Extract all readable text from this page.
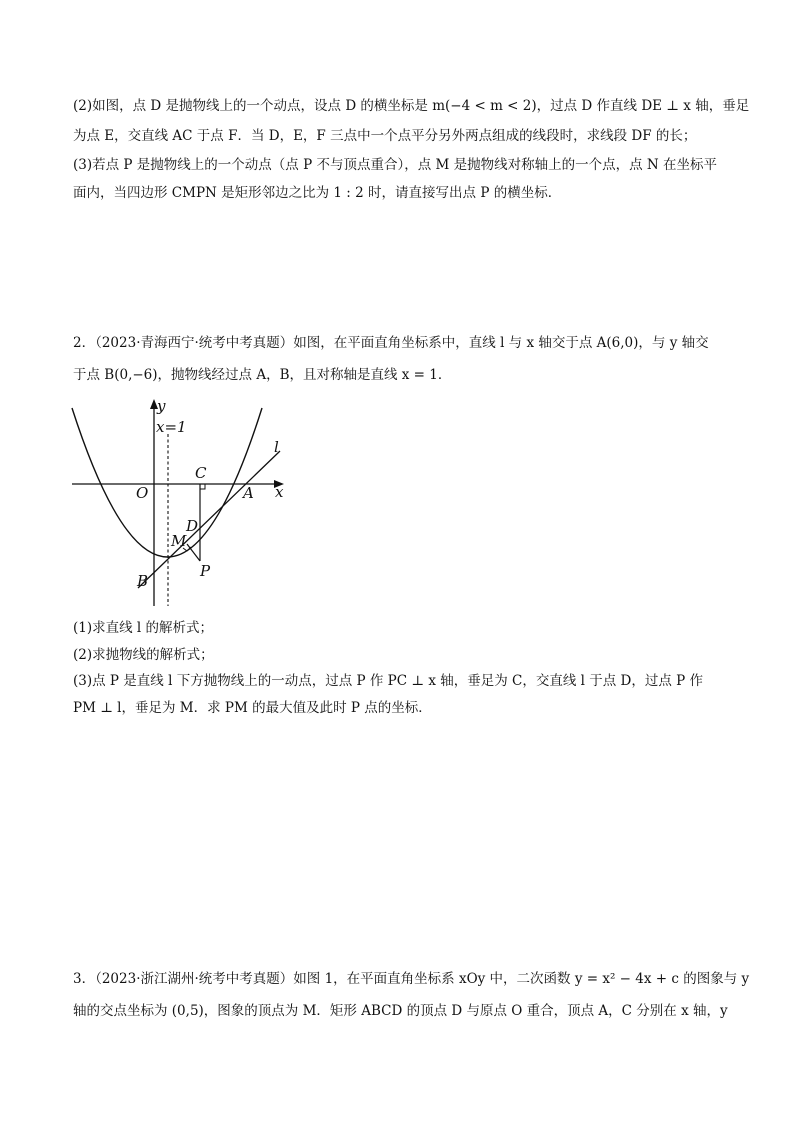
(2)如图，点 D 是抛物线上的一个动点，设点 D 的横坐标是 m(−4 < m < 2)，过点 D 作直线 DE ⊥ x 轴，垂足
为点 E，交直线 AC 于点 F．当 D，E，F 三点中一个点平分另外两点组成的线段时，求线段 DF 的长；
(3)若点 P 是抛物线上的一个动点（点 P 不与顶点重合），点 M 是抛物线对称轴上的一个点，点 N 在坐标平
面内，当四边形 CMPN 是矩形邻边之比为 1 : 2 时，请直接写出点 P 的横坐标．
2．（2023·青海西宁·统考中考真题）如图，在平面直角坐标系中，直线 l 与 x 轴交于点 A(6,0)，与 y 轴交
于点 B(0,−6)，抛物线经过点 A，B，且对称轴是直线 x = 1．
y
x=1
l
C
O	A x
D
M
P
B
(1)求直线 l 的解析式；
(2)求抛物线的解析式；
(3)点 P 是直线 l 下方抛物线上的一动点，过点 P 作 PC ⊥ x 轴，垂足为 C，交直线 l 于点 D，过点 P 作
PM ⊥ l，垂足为 M．求 PM 的最大值及此时 P 点的坐标．
3．（2023·浙江湖州·统考中考真题）如图 1，在平面直角坐标系 xOy 中，二次函数 y = x² − 4x + c 的图象与 y
轴的交点坐标为 (0,5)，图象的顶点为 M．矩形 ABCD 的顶点 D 与原点 O 重合，顶点 A，C 分别在 x 轴，y
